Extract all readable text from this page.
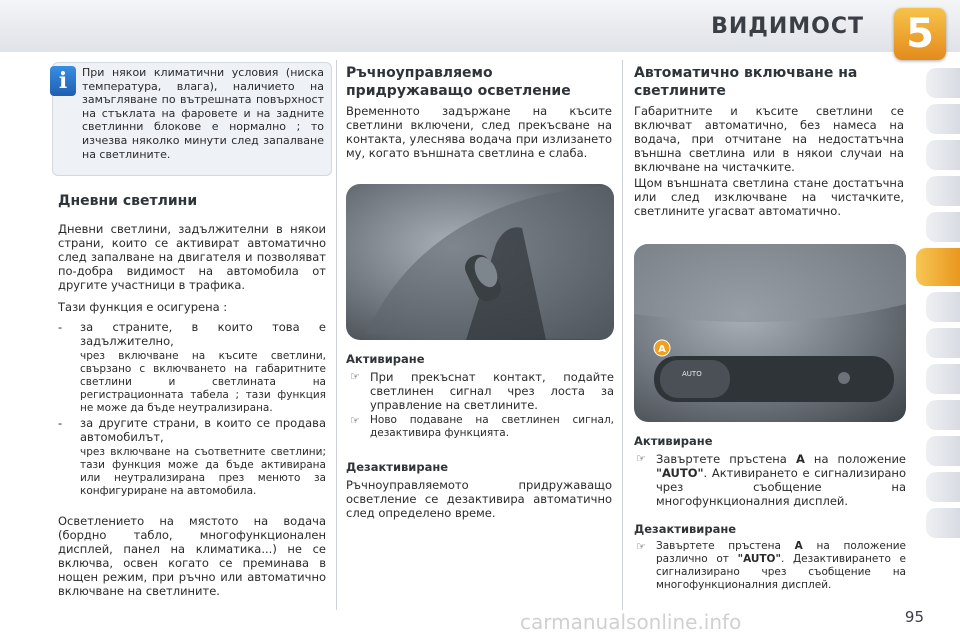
ВИДИМОСТ	5
i	При някои климатични условия (ниска температура, влага), наличието на замъгляване по вътрешната повърхност на стъклата на фаровете и на задните светлинни блокове е нормално ; то изчезва няколко минути след запалване на светлините.
Дневни светлини
Дневни светлини, задължителни в някои страни, които се активират автоматично след запалване на двигателя и позволяват по-добра видимост на автомобила от другите участници в трафика.
Тази функция е осигурена :
- за страните, в които това е задължително,
чрез включване на късите светлини, свързано с включването на габаритните светлини и светлината на регистрационната табела ; тази функция не може да бъде неутрализирана.
- за другите страни, в които се продава автомобилът,
чрез включване на съответните светлини; тази функция може да бъде активирана или неутрализирана през менюто за конфигуриране на автомобила.
Осветлението на мястото на водача (бордно табло, многофункционален дисплей, панел на климатика...) не се включва, освен когато се преминава в нощен режим, при ръчно или автоматично включване на светлините.
Ръчноуправляемо придружаващо осветление
Временното задържане на късите светлини включени, след прекъсване на контакта, улеснява водача при излизането му, когато външната светлина е слаба.
Активиране
☞ При прекъснат контакт, подайте светлинен сигнал чрез лоста за управление на светлините.
☞ Ново подаване на светлинен сигнал, дезактивира функцията.
Дезактивиране
Ръчноуправляемото придружаващо осветление се дезактивира автоматично след определено време.
Автоматично включване на светлините
Габаритните и късите светлини се включват автоматично, без намеса на водача, при отчитане на недостатъчна външна светлина или в някои случаи на включване на чистачките.
Щом външната светлина стане достатъчна или след изключване на чистачките, светлините угасват автоматично.
A
AUTO
Активиране
☞ Завъртете пръстена A на положение "AUTO". Активирането е сигнализирано чрез съобщение на многофункционалния дисплей.
Дезактивиране
☞ Завъртете пръстена A на положение различно от "AUTO". Дезактивирането е сигнализирано чрез съобщение на многофункционалния дисплей.
95
carmanualsonline.info
